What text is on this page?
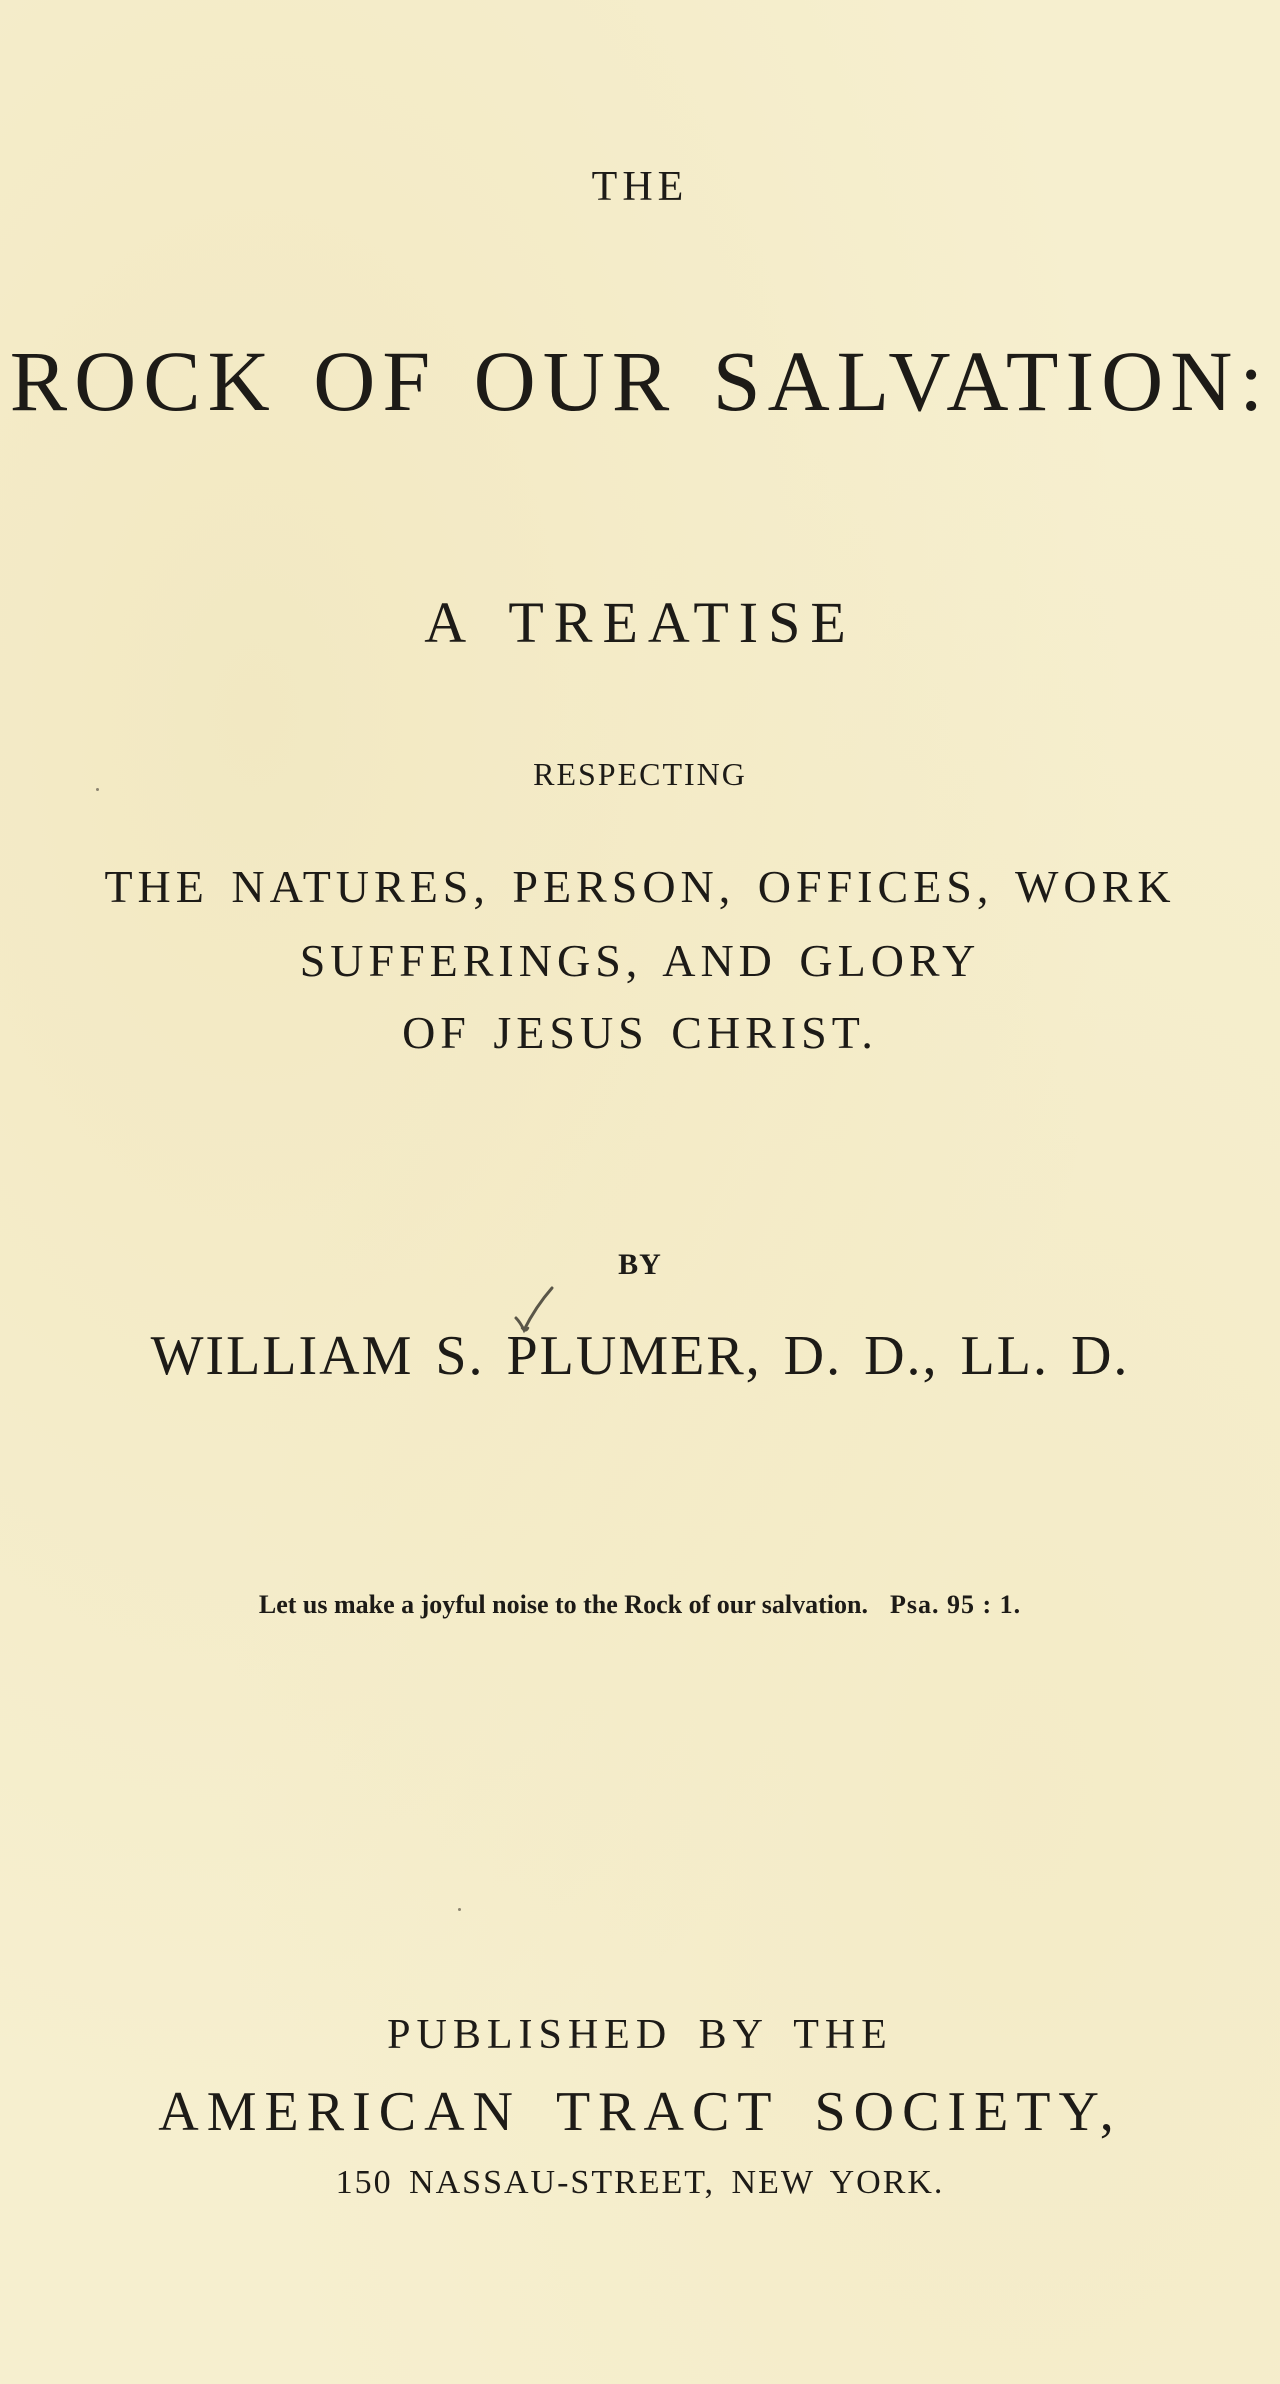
THE
ROCK OF OUR SALVATION:
A TREATISE
RESPECTING
THE NATURES, PERSON, OFFICES, WORK
SUFFERINGS, AND GLORY
OF JESUS CHRIST.
BY
WILLIAM S. PLUMER, D. D., LL. D.
Let us make a joyful noise to the Rock of our salvation. Psa. 95 : 1.
PUBLISHED BY THE
AMERICAN TRACT SOCIETY,
150 NASSAU-STREET, NEW YORK.
